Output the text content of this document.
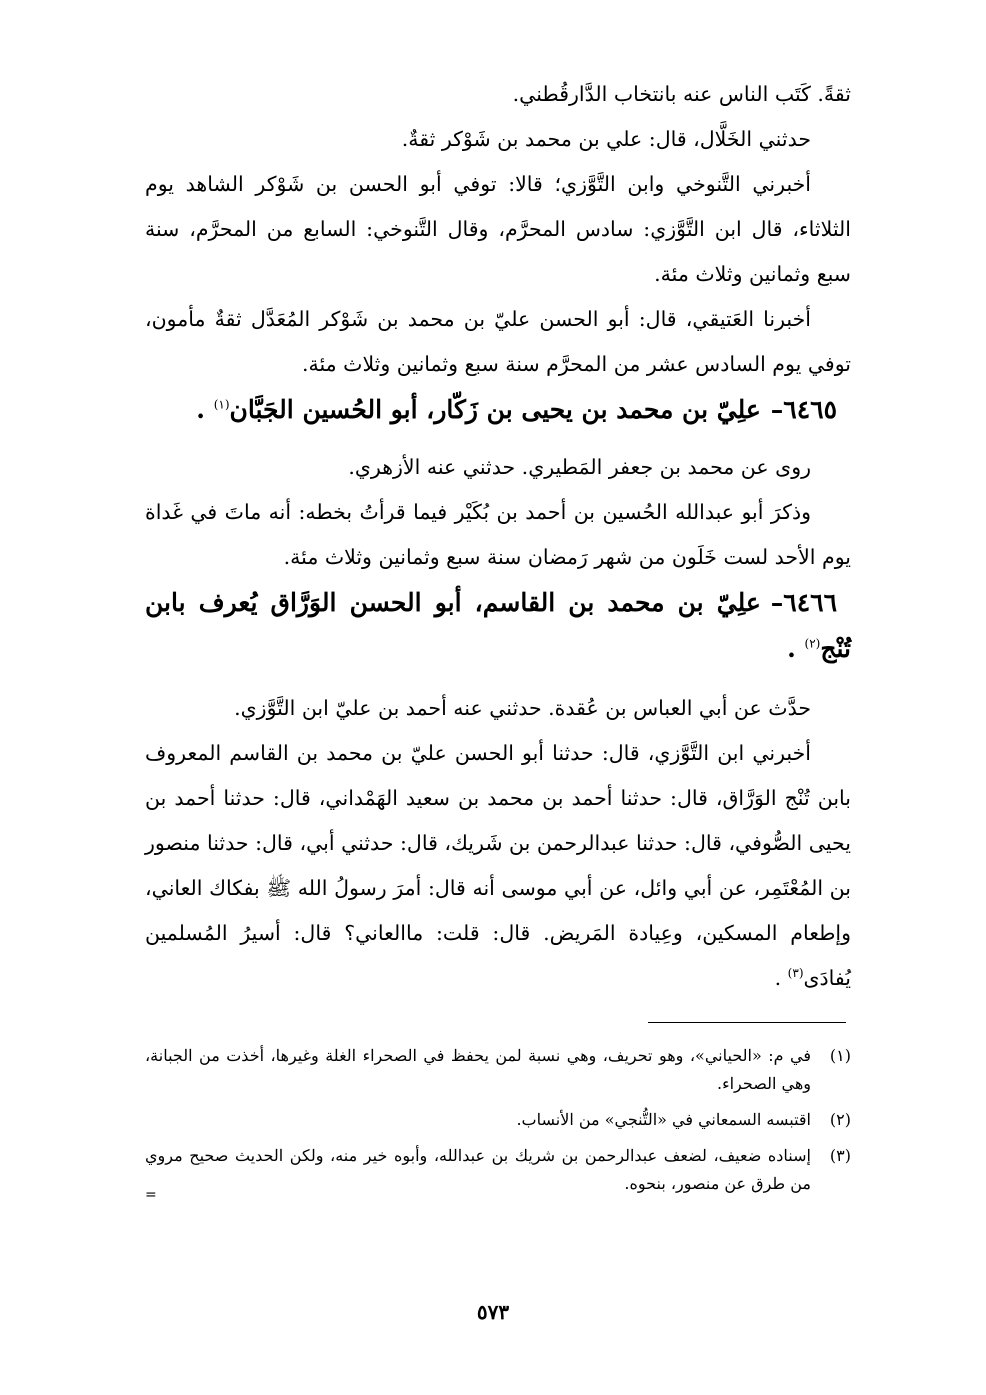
ثقةً. كَتَب الناس عنه بانتخاب الدَّارقُطني.

حدثني الخَلَّال، قال: علي بن محمد بن شَوْكر ثقةٌ.

أخبرني التَّنوخي وابن التَّوَّزي؛ قالا: توفي أبو الحسن بن شَوْكر الشاهد يوم الثلاثاء، قال ابن التَّوَّزي: سادس المحرَّم، وقال التَّنوخي: السابع من المحرَّم، سنة سبع وثمانين وثلاث مئة.

أخبرنا العَتيقي، قال: أبو الحسن عليّ بن محمد بن شَوْكر المُعَدَّل ثقةٌ مأمون، توفي يوم السادس عشر من المحرَّم سنة سبع وثمانين وثلاث مئة.

٦٤٦٥–علِيّ بن محمد بن يحيى بن زَكّار، أبو الحُسين الجَبَّان$^{(١)}$ .

روى عن محمد بن جعفر المَطيري. حدثني عنه الأزهري.

وذكرَ أبو عبدالله الحُسين بن أحمد بن بُكَيْر فيما قرأتُ بخطه: أنه ماتَ في غَداة يوم الأحد لست خَلَون من شهر رَمضان سنة سبع وثمانين وثلاث مئة.

٦٤٦٦–علِيّ بن محمد بن القاسم، أبو الحسن الوَرَّاق يُعرف بابن تُنْج$^{(٢)}$ .

حدَّث عن أبي العباس بن عُقدة. حدثني عنه أحمد بن عليّ ابن التَّوَّزي.

أخبرني ابن التَّوَّزي، قال: حدثنا أبو الحسن عليّ بن محمد بن القاسم المعروف بابن تُنْج الوَرَّاق، قال: حدثنا أحمد بن محمد بن سعيد الهَمْداني، قال: حدثنا أحمد بن يحيى الصُّوفي، قال: حدثنا عبدالرحمن بن شَريك، قال: حدثني أبي، قال: حدثنا منصور بن المُعْتَمِر، عن أبي وائل، عن أبي موسى أنه قال: أمرَ رسولُ الله ﷺ بفكاك العاني، وإطعام المسكين، وعِيادة المَريض. قال: قلت: ماالعاني؟ قال: أسيرُ المُسلمين يُفادَى$^{(٣)}$ .

(١)
في م: «الحياني»، وهو تحريف، وهي نسبة لمن يحفظ في الصحراء الغلة وغيرها، أخذت من الجبانة، وهي الصحراء.
(٢)
اقتبسه السمعاني في «التُّنجي» من الأنساب.
(٣)
إسناده ضعيف، لضعف عبدالرحمن بن شريك بن عبدالله، وأبوه خير منه، ولكن الحديث صحيح مروي من طرق عن منصور، بنحوه.
=
٥٧٣
